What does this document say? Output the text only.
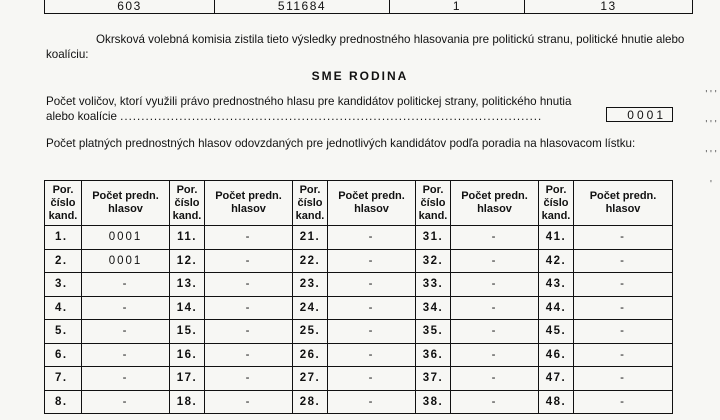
603	511684	1	13

Okrsková volebná komisia zistila tieto výsledky prednostného hlasovania pre politickú stranu, politické hnutie alebo koalíciu:

SME RODINA
Počet voličov, ktorí využili právo prednostného hlasu pre kandidátov politickej strany, politického hnutia
alebo koalície ....................................................................................................	0001
Počet platných prednostných hlasov odovzdaných pre jednotlivých kandidátov podľa poradia na hlasovacom lístku:
Por. číslo kand.	Počet predn. hlasov	Por. číslo kand.	Počet predn. hlasov	Por. číslo kand.	Počet predn. hlasov	Por. číslo kand.	Počet predn. hlasov	Por. číslo kand.	Počet predn. hlasov
1.	0001	11.	-	21.	-	31.	-	41.	-
2.	0001	12.	-	22.	-	32.	-	42.	-
3.	-	13.	-	23.	-	33.	-	43.	-
4.	-	14.	-	24.	-	34.	-	44.	-
5.	-	15.	-	25.	-	35.	-	45.	-
6.	-	16.	-	26.	-	36.	-	46.	-
7.	-	17.	-	27.	-	37.	-	47.	-
8.	-	18.	-	28.	-	38.	-	48.	-
' ' ' ' ' ' ' ' ' '
